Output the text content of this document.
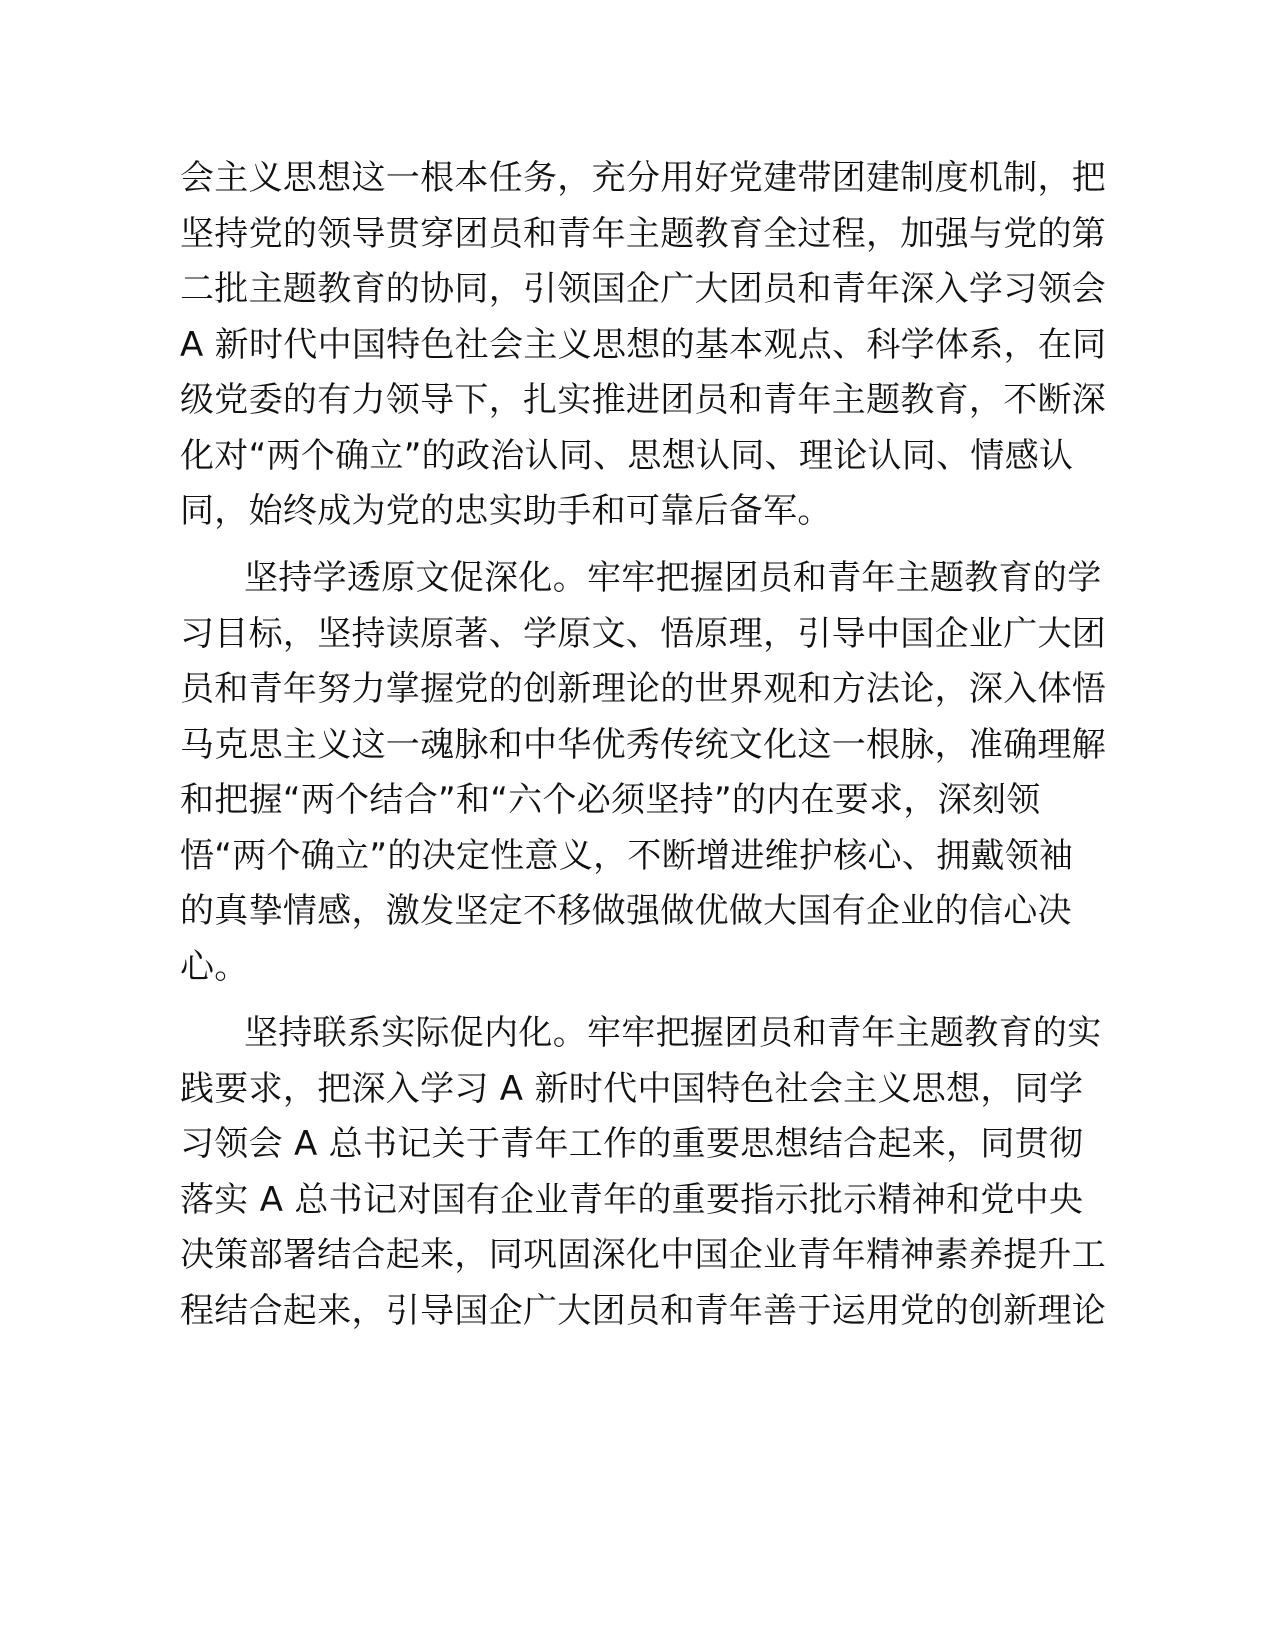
会主义思想这一根本任务，充分用好党建带团建制度机制，把
坚持党的领导贯穿团员和青年主题教育全过程，加强与党的第
二批主题教育的协同，引领国企广大团员和青年深入学习领会
A 新时代中国特色社会主义思想的基本观点、科学体系，在同
级党委的有力领导下，扎实推进团员和青年主题教育，不断深
化对“两个确立”的政治认同、思想认同、理论认同、情感认
同，始终成为党的忠实助手和可靠后备军。
坚持学透原文促深化。牢牢把握团员和青年主题教育的学
习目标，坚持读原著、学原文、悟原理，引导中国企业广大团
员和青年努力掌握党的创新理论的世界观和方法论，深入体悟
马克思主义这一魂脉和中华优秀传统文化这一根脉，准确理解
和把握“两个结合”和“六个必须坚持”的内在要求，深刻领
悟“两个确立”的决定性意义，不断增进维护核心、拥戴领袖
的真挚情感，激发坚定不移做强做优做大国有企业的信心决
心。
坚持联系实际促内化。牢牢把握团员和青年主题教育的实
践要求，把深入学习 A 新时代中国特色社会主义思想，同学
习领会 A 总书记关于青年工作的重要思想结合起来，同贯彻
落实 A 总书记对国有企业青年的重要指示批示精神和党中央
决策部署结合起来，同巩固深化中国企业青年精神素养提升工
程结合起来，引导国企广大团员和青年善于运用党的创新理论
